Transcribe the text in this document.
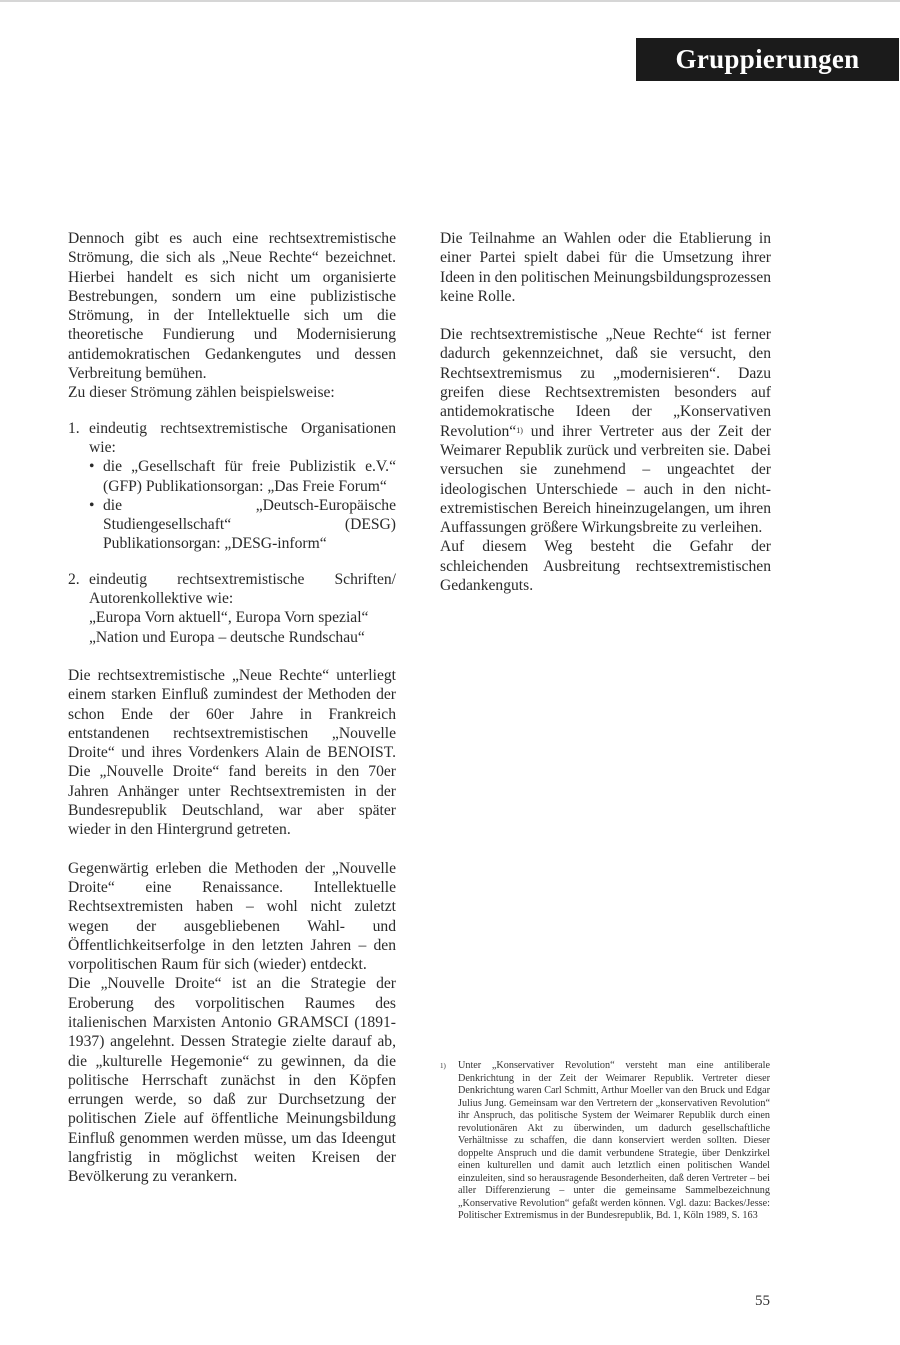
Gruppierungen

Dennoch gibt es auch eine rechtsextremistische Strömung, die sich als „Neue Rechte“ bezeichnet. Hierbei handelt es sich nicht um organisierte Bestrebungen, sondern um eine publizistische Strömung, in der Intellektuelle sich um die theoretische Fundierung und Modernisierung antidemokratischen Gedankengutes und dessen Verbreitung bemühen.

Zu dieser Strömung zählen beispielsweise:

1. eindeutig rechtsextremistische Organisationen wie:
• die „Gesellschaft für freie Publizistik e.V.“ (GFP) Publikationsorgan: „Das Freie Forum“
• die „Deutsch-Europäische Studiengesellschaft“ (DESG) Publikationsorgan: „DESG-inform“
2. eindeutig rechtsextremistische Schriften/ Autorenkollektive wie:
„Europa Vorn aktuell“, Europa Vorn spezial“
„Nation und Europa – deutsche Rundschau“

Die rechtsextremistische „Neue Rechte“ unterliegt einem starken Einfluß zumindest der Methoden der schon Ende der 60er Jahre in Frankreich entstandenen rechtsextremistischen „Nouvelle Droite“ und ihres Vordenkers Alain de BENOIST. Die „Nouvelle Droite“ fand bereits in den 70er Jahren Anhänger unter Rechtsextremisten in der Bundesrepublik Deutschland, war aber später wieder in den Hintergrund getreten.

Gegenwärtig erleben die Methoden der „Nouvelle Droite“ eine Renaissance. Intellektuelle Rechtsextremisten haben – wohl nicht zuletzt wegen der ausgebliebenen Wahl- und Öffentlichkeitserfolge in den letzten Jahren – den vorpolitischen Raum für sich (wieder) entdeckt.

Die „Nouvelle Droite“ ist an die Strategie der Eroberung des vorpolitischen Raumes des italienischen Marxisten Antonio GRAMSCI (1891-1937) angelehnt. Dessen Strategie zielte darauf ab, die „kulturelle Hegemonie“ zu gewinnen, da die politische Herrschaft zunächst in den Köpfen errungen werde, so daß zur Durchsetzung der politischen Ziele auf öffentliche Meinungsbildung Einfluß genommen werden müsse, um das Ideengut langfristig in möglichst weiten Kreisen der Bevölkerung zu verankern.

Die Teilnahme an Wahlen oder die Etablierung in einer Partei spielt dabei für die Umsetzung ihrer Ideen in den politischen Meinungsbildungsprozessen keine Rolle.

Die rechtsextremistische „Neue Rechte“ ist ferner dadurch gekennzeichnet, daß sie versucht, den Rechtsextremismus zu „modernisieren“. Dazu greifen diese Rechtsextremisten besonders auf antidemokratische Ideen der „Konservativen Revolution“$^{1)}$ und ihrer Vertreter aus der Zeit der Weimarer Republik zurück und verbreiten sie. Dabei versuchen sie zunehmend – ungeachtet der ideologischen Unterschiede – auch in den nicht-extremistischen Bereich hineinzugelangen, um ihren Auffassungen größere Wirkungsbreite zu verleihen.

Auf diesem Weg besteht die Gefahr der schleichenden Ausbreitung rechtsextremistischen Gedankenguts.

1)	Unter „Konservativer Revolution“ versteht man eine antiliberale Denkrichtung in der Zeit der Weimarer Republik. Vertreter dieser Denkrichtung waren Carl Schmitt, Arthur Moeller van den Bruck und Edgar Julius Jung. Gemeinsam war den Vertretern der „konservativen Revolution“ ihr Anspruch, das politische System der Weimarer Republik durch einen revolutionären Akt zu überwinden, um dadurch gesellschaftliche Verhältnisse zu schaffen, die dann konserviert werden sollten. Dieser doppelte Anspruch und die damit verbundene Strategie, über Denkzirkel einen kulturellen und damit auch letztlich einen politischen Wandel einzuleiten, sind so herausragende Besonderheiten, daß deren Vertreter – bei aller Differenzierung – unter die gemeinsame Sammelbezeichnung „Konservative Revolution“ gefaßt werden können. Vgl. dazu: Backes/Jesse: Politischer Extremismus in der Bundesrepublik, Bd. 1, Köln 1989, S. 163

55
